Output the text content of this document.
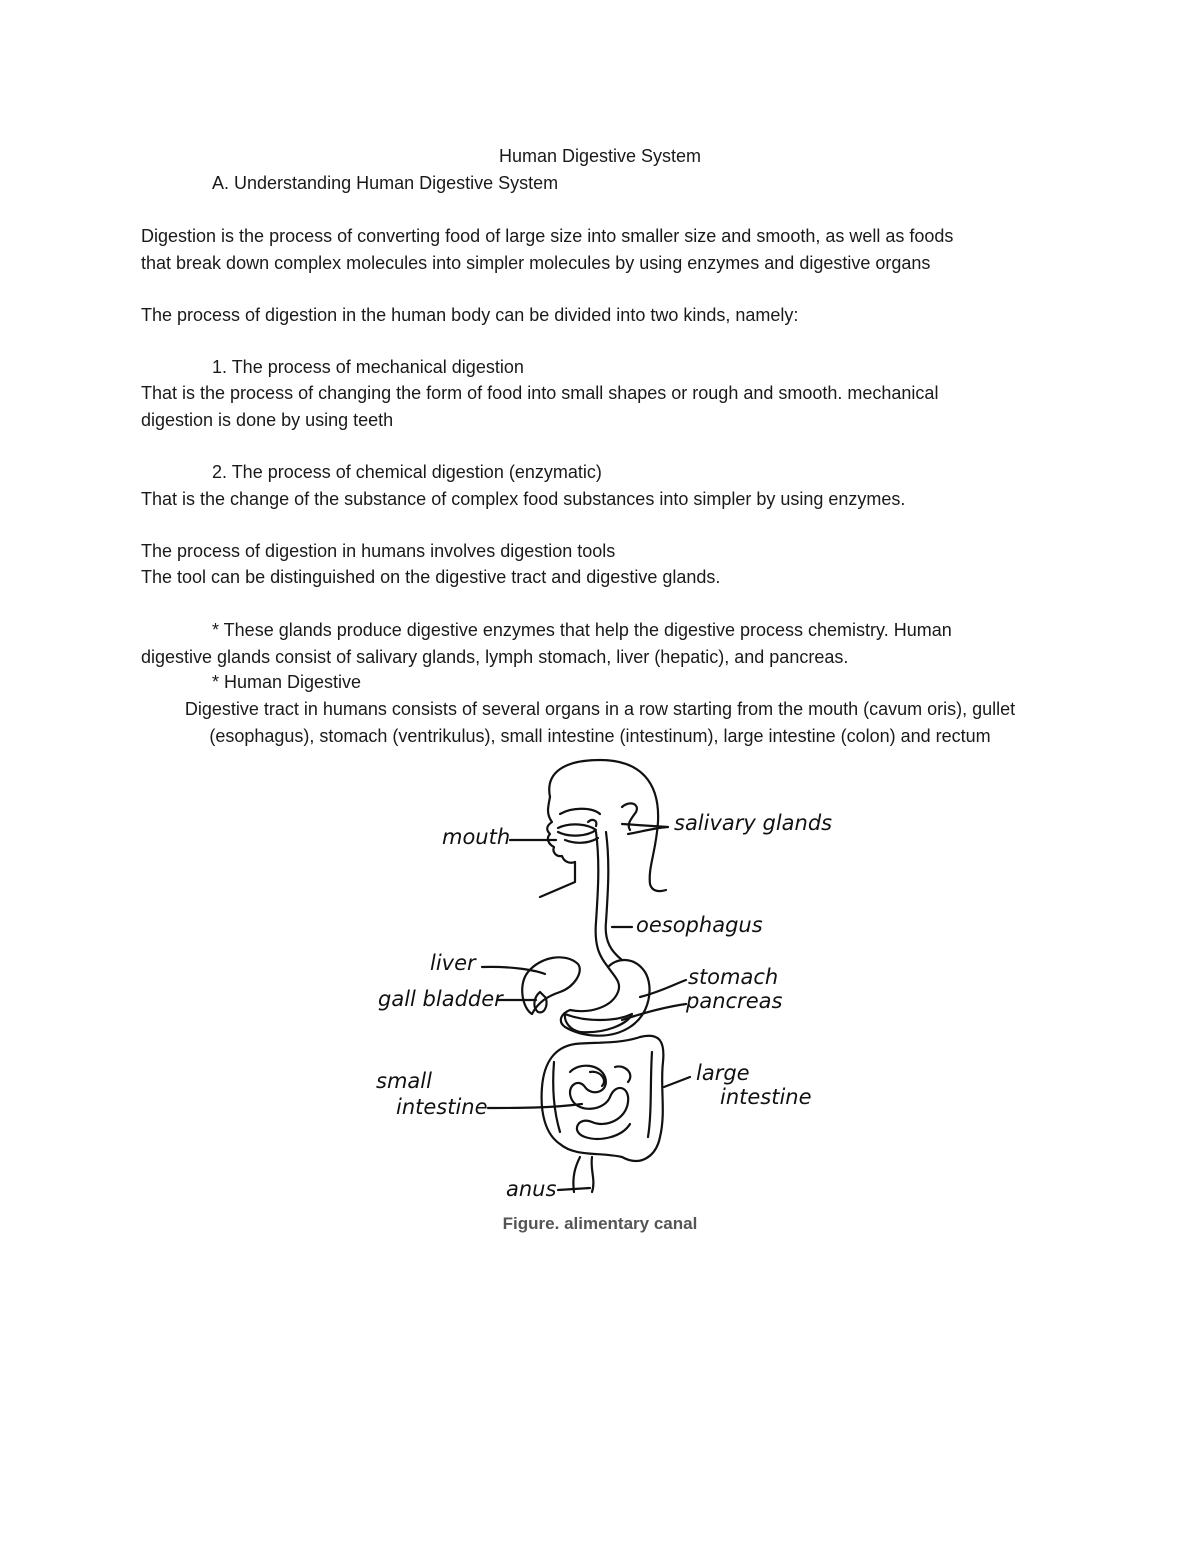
Human Digestive System
A. Understanding Human Digestive System
Digestion is the process of converting food of large size into smaller size and smooth, as well as foods
that break down complex molecules into simpler molecules by using enzymes and digestive organs
The process of digestion in the human body can be divided into two kinds, namely:
1. The process of mechanical digestion
That is the process of changing the form of food into small shapes or rough and smooth. mechanical
digestion is done by using teeth
2. The process of chemical digestion (enzymatic)
That is the change of the substance of complex food substances into simpler by using enzymes.
The process of digestion in humans involves digestion tools
The tool can be distinguished on the digestive tract and digestive glands.
* These glands produce digestive enzymes that help the digestive process chemistry. Human
digestive glands consist of salivary glands, lymph stomach, liver (hepatic), and pancreas.
* Human Digestive
Digestive tract in humans consists of several organs in a row starting from the mouth (cavum oris), gullet
(esophagus), stomach (ventrikulus), small intestine (intestinum), large intestine (colon) and rectum
mouth
salivary glands
oesophagus
liver
gall bladder
stomach
pancreas
small
intestine
large
intestine
anus
Figure. alimentary canal
